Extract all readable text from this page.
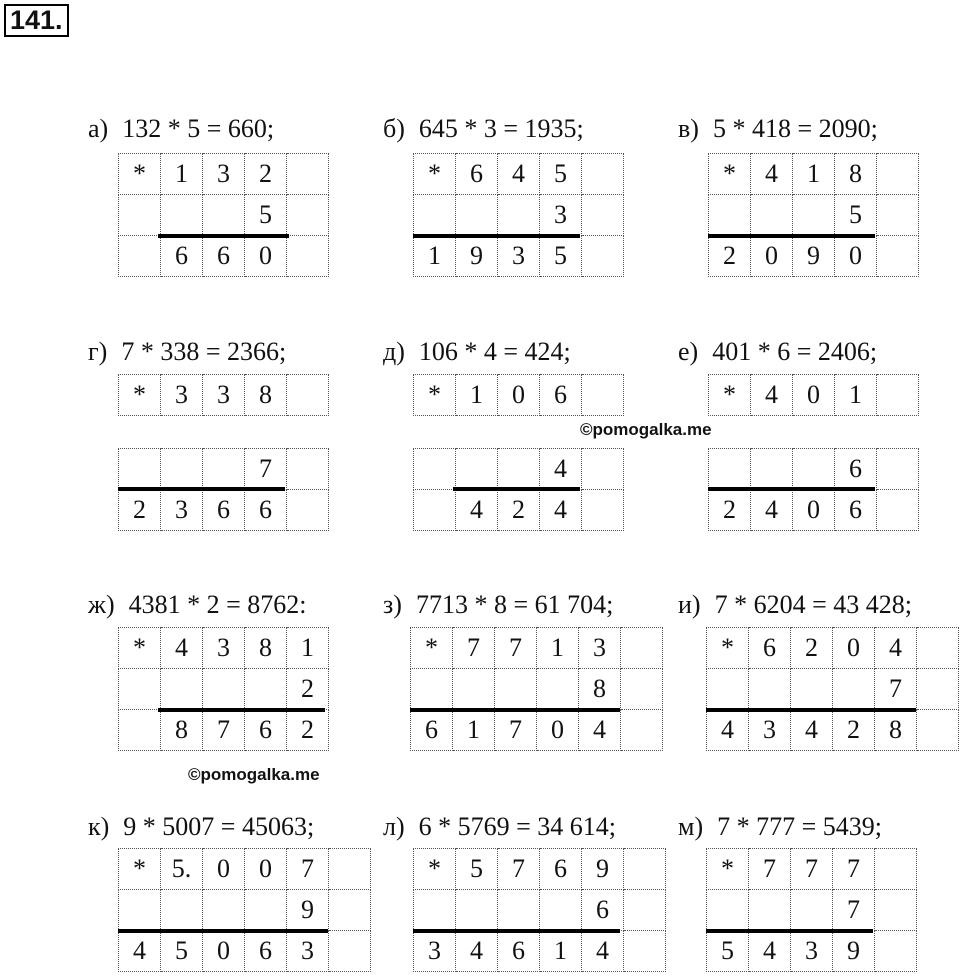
141.
а) 132 * 5 = 660;
*	1	3	2	
			5	
	6	6	0	
б) 645 * 3 = 1935;
*	6	4	5	
			3	
1	9	3	5	
в) 5 * 418 = 2090;
*	4	1	8	
			5	
2	0	9	0	
г) 7 * 338 = 2366;
*	3	3	8	
			7	
2	3	6	6	
д) 106 * 4 = 424;
*	1	0	6	
			4	
	4	2	4	
е) 401 * 6 = 2406;
*	4	0	1	
			6	
2	4	0	6	
ж) 4381 * 2 = 8762:
*	4	3	8	1
				2
	8	7	6	2
з) 7713 * 8 = 61 704;
*	7	7	1	3	
				8	
6	1	7	0	4	
и) 7 * 6204 = 43 428;
*	6	2	0	4	
				7	
4	3	4	2	8	
к) 9 * 5007 = 45063;
*	5.	0	0	7	
				9	
4	5	0	6	3	
л) 6 * 5769 = 34 614;
*	5	7	6	9	
				6	
3	4	6	1	4	
м) 7 * 777 = 5439;
*	7	7	7	
			7	
5	4	3	9	
©pomogalka.me
©pomogalka.me
